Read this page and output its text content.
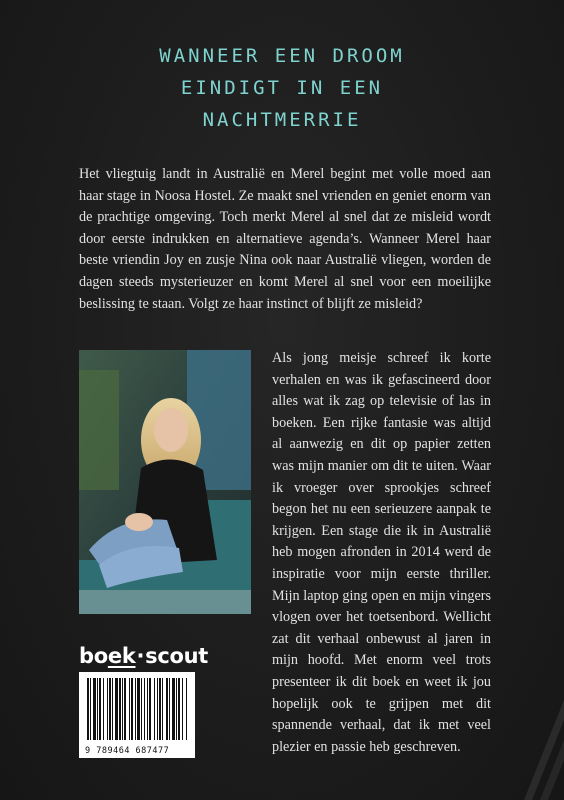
WANNEER EEN DROOM
EINDIGT IN EEN
NACHTMERRIE
Het vliegtuig landt in Australië en Merel begint met volle moed aan haar stage in Noosa Hostel. Ze maakt snel vrienden en geniet enorm van de prachtige omgeving. Toch merkt Merel al snel dat ze misleid wordt door eerste indrukken en alternatieve agenda’s. Wanneer Merel haar beste vriendin Joy en zusje Nina ook naar Australië vliegen, worden de dagen steeds mysterieuzer en komt Merel al snel voor een moeilijke beslissing te staan. Volgt ze haar instinct of blijft ze misleid?
Als jong meisje schreef ik korte verhalen en was ik gefascineerd door alles wat ik zag op televisie of las in boeken. Een rijke fantasie was altijd al aanwezig en dit op papier zetten was mijn manier om dit te uiten. Waar ik vroeger over sprookjes schreef begon het nu een serieuzere aanpak te krijgen. Een stage die ik in Australië heb mogen afronden in 2014 werd de inspiratie voor mijn eerste thriller. Mijn laptop ging open en mijn vingers vlogen over het toetsenbord. Wellicht zat dit verhaal onbewust al jaren in mijn hoofd. Met enorm veel trots presenteer ik dit boek en weet ik jou hopelijk ook te grijpen met dit spannende verhaal, dat ik met veel plezier en passie heb geschreven.
boek·scout
9 789464 687477
